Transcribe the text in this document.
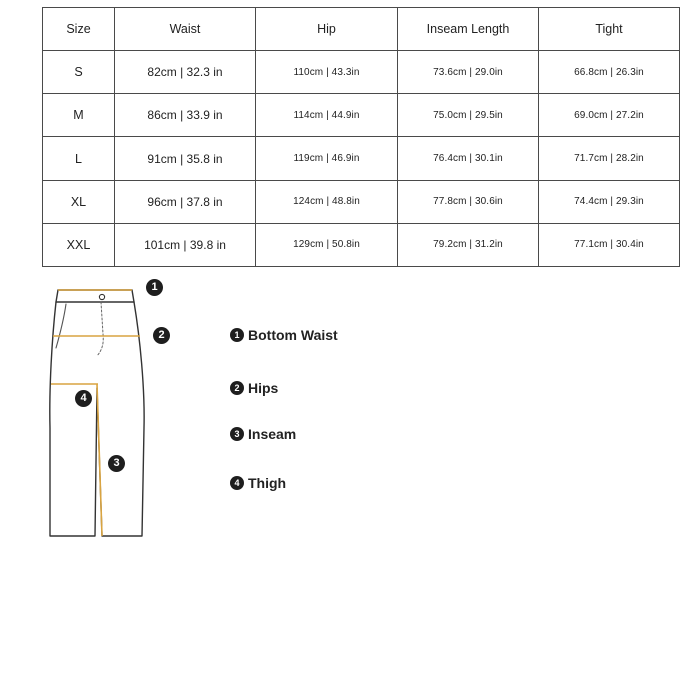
Size	Waist	Hip	Inseam Length	Tight
S	82cm | 32.3 in	110cm | 43.3in	73.6cm | 29.0in	66.8cm | 26.3in
M	86cm | 33.9 in	114cm | 44.9in	75.0cm | 29.5in	69.0cm | 27.2in
L	91cm | 35.8 in	119cm | 46.9in	76.4cm | 30.1in	71.7cm | 28.2in
XL	96cm | 37.8 in	124cm | 48.8in	77.8cm | 30.6in	74.4cm | 29.3in
XXL	101cm | 39.8 in	129cm | 50.8in	79.2cm | 31.2in	77.1cm | 30.4in
1
2
4
3
1 Bottom Waist
2 Hips
3 Inseam
4 Thigh
